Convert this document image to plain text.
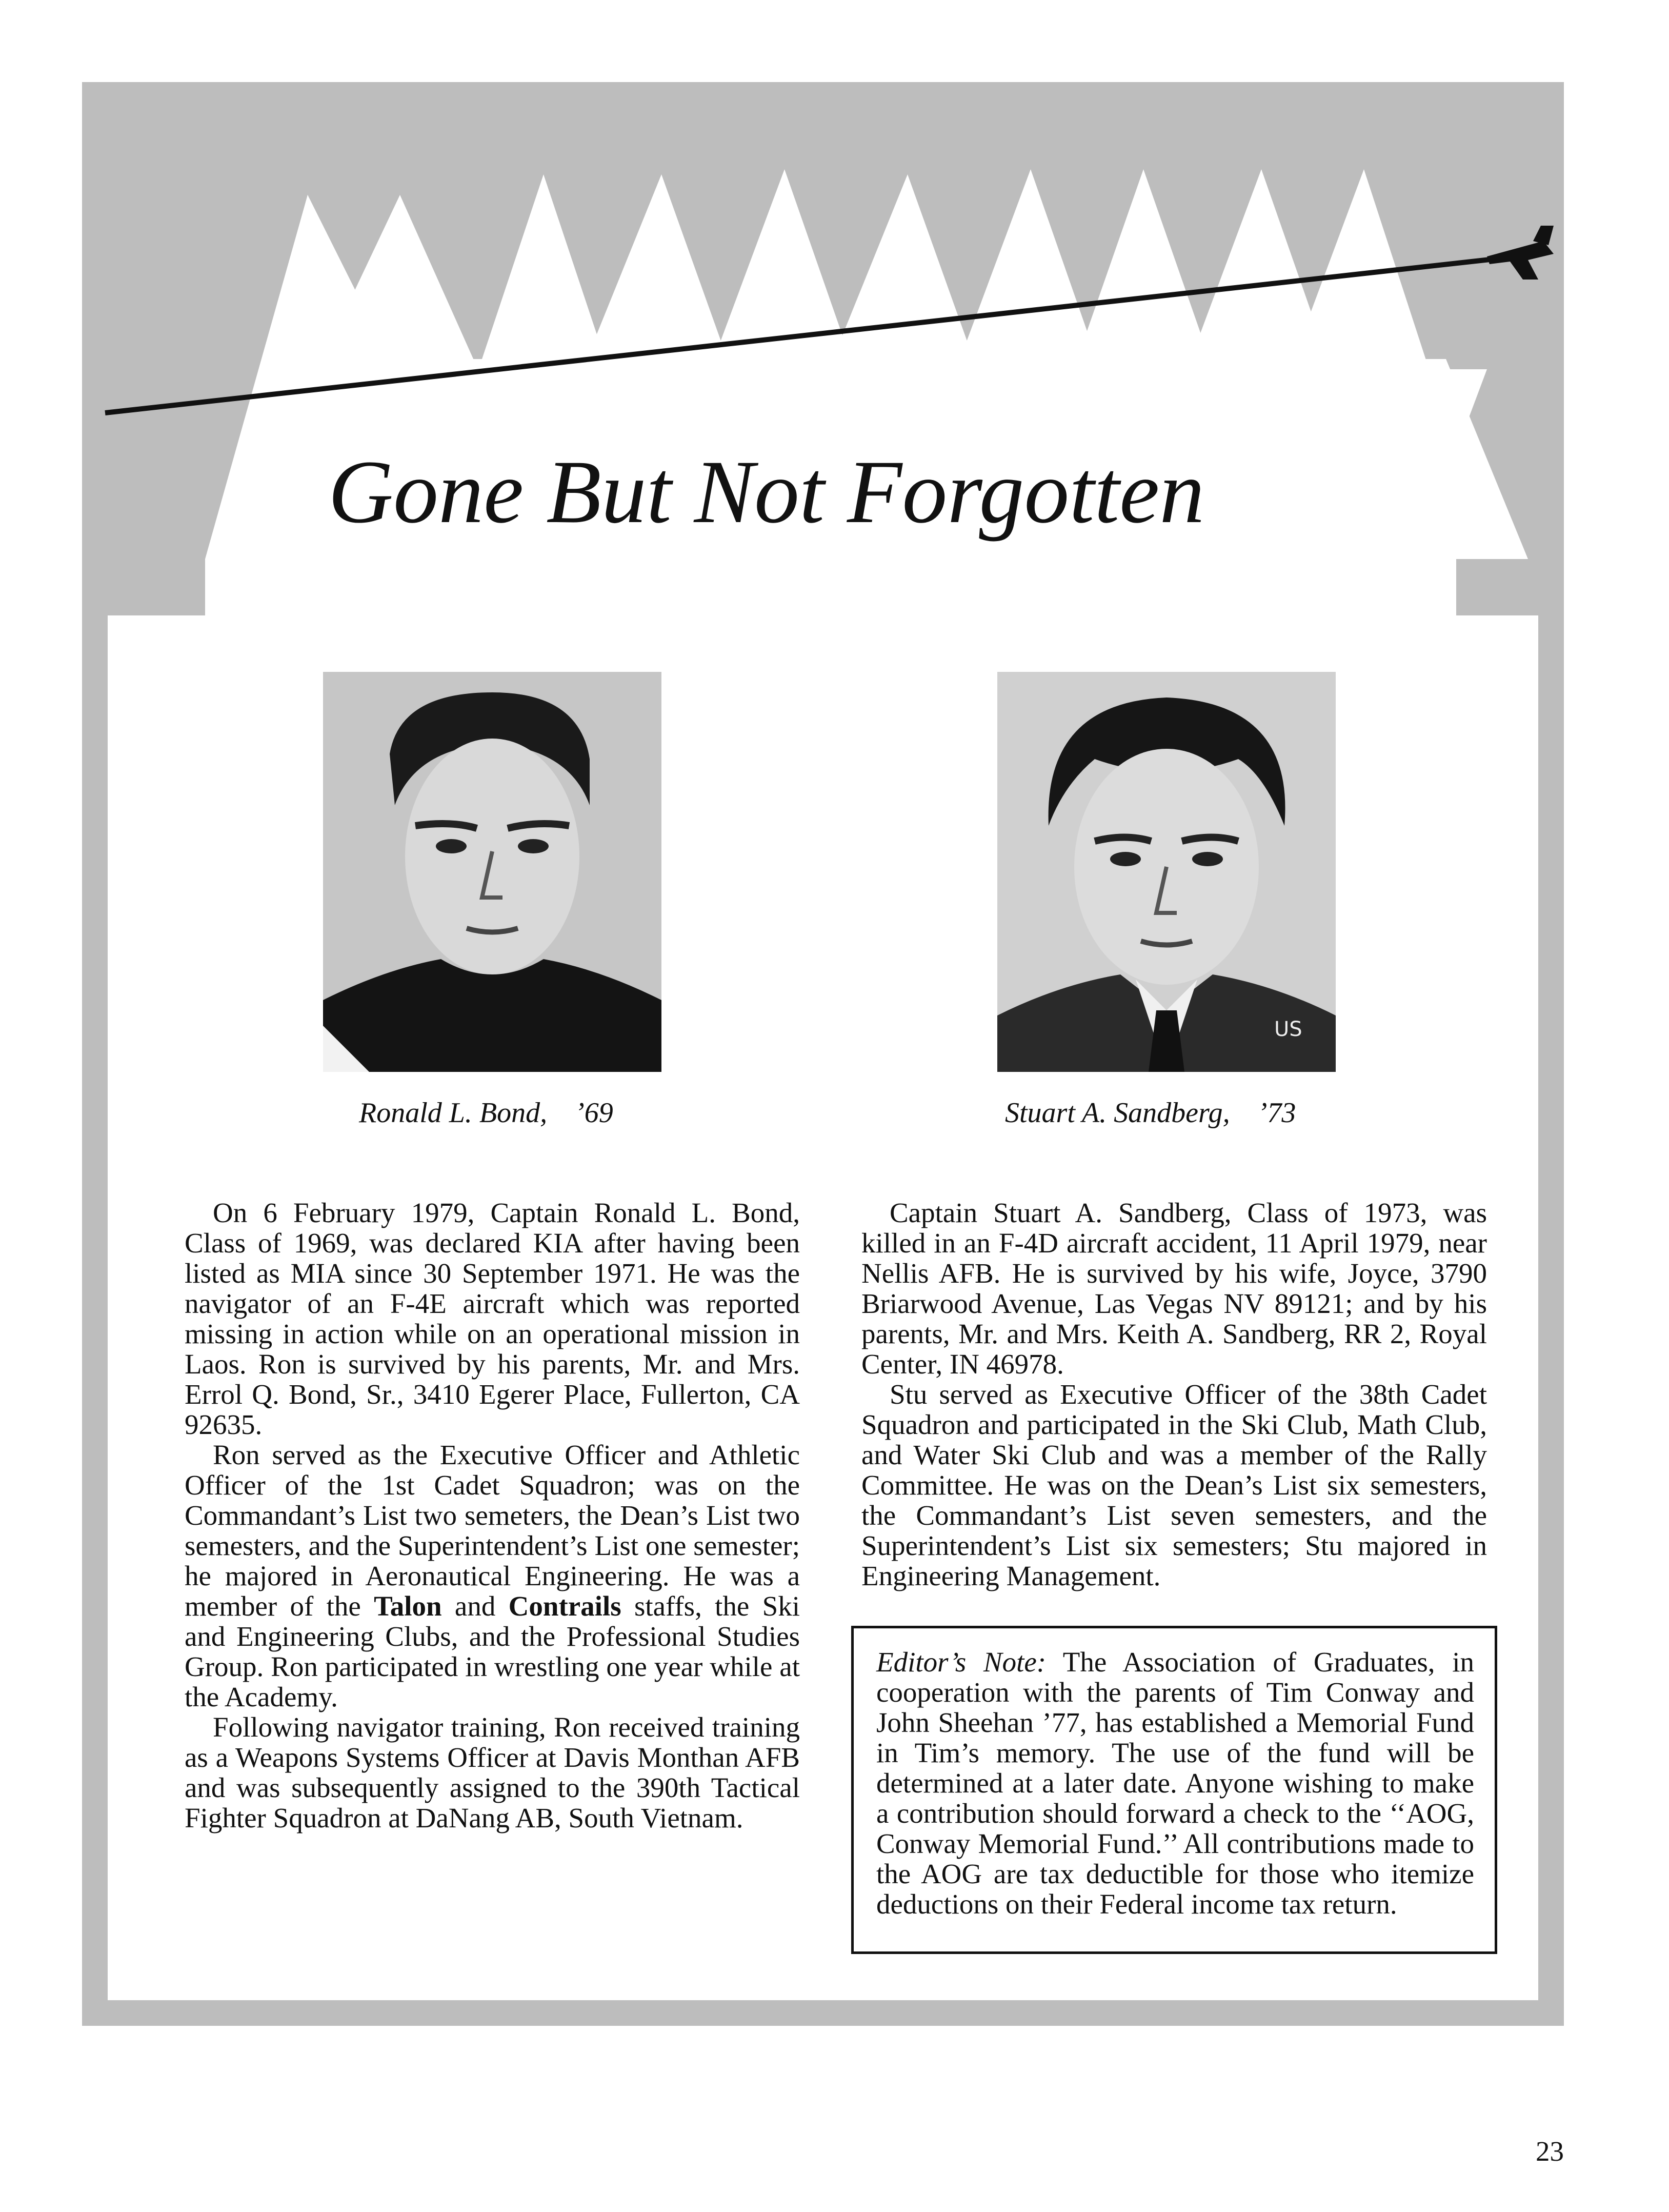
Gone But Not Forgotten
US
Ronald L. Bond, ’69	Stuart A. Sandberg, ’73

On 6 February 1979, Captain Ronald L. Bond, Class of 1969, was declared KIA after having been listed as MIA since 30 September 1971. He was the navigator of an F-4E aircraft which was reported missing in action while on an operational mission in Laos. Ron is survived by his parents, Mr. and Mrs. Errol Q. Bond, Sr., 3410 Egerer Place, Fullerton, CA 92635.

Ron served as the Executive Officer and Athletic Officer of the 1st Cadet Squadron; was on the Commandant’s List two semeters, the Dean’s List two semesters, and the Superintendent’s List one semester; he majored in Aeronautical Engineering. He was a member of the Talon and Contrails staffs, the Ski and Engineering Clubs, and the Professional Studies Group. Ron participated in wrestling one year while at the Academy.

Following navigator training, Ron received training as a Weapons Systems Officer at Davis Monthan AFB and was subsequently assigned to the 390th Tactical Fighter Squadron at DaNang AB, South Vietnam.

Captain Stuart A. Sandberg, Class of 1973, was killed in an F-4D aircraft accident, 11 April 1979, near Nellis AFB. He is survived by his wife, Joyce, 3790 Briarwood Avenue, Las Vegas NV 89121; and by his parents, Mr. and Mrs. Keith A. Sandberg, RR 2, Royal Center, IN 46978.

Stu served as Executive Officer of the 38th Cadet Squadron and participated in the Ski Club, Math Club, and Water Ski Club and was a member of the Rally Committee. He was on the Dean’s List six semesters, the Commandant’s List seven semesters, and the Superintendent’s List six semesters; Stu majored in Engineering Management.

Editor’s Note: The Association of Graduates, in cooperation with the parents of Tim Conway and John Sheehan ’77, has established a Memorial Fund in Tim’s memory. The use of the fund will be determined at a later date. Anyone wishing to make a contribution should forward a check to the ‘‘AOG, Conway Memorial Fund.’’ All contributions made to the AOG are tax deductible for those who itemize deductions on their Federal income tax return.
23
